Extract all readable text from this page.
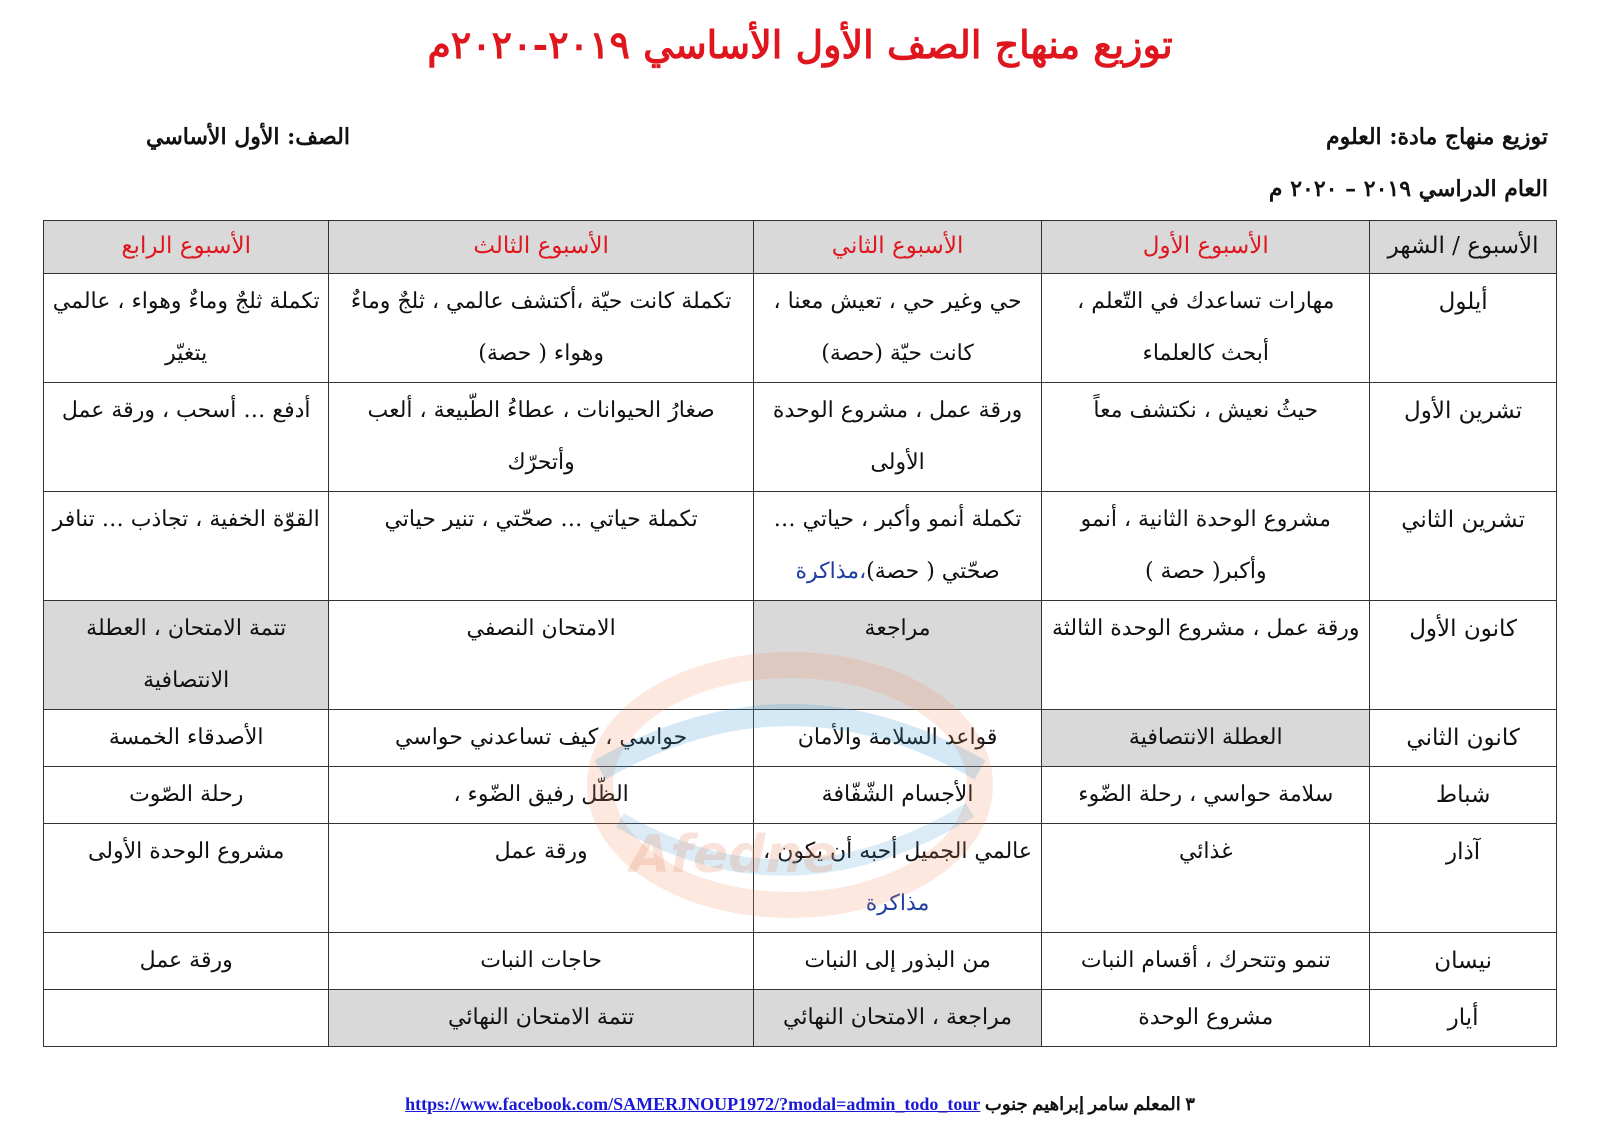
توزيع منهاج الصف الأول الأساسي ٢٠١٩-٢٠٢٠م
توزيع منهاج مادة: العلوم
الصف: الأول الأساسي
العام الدراسي ٢٠١٩ – ٢٠٢٠ م
الأسبوع / الشهر	الأسبوع الأول	الأسبوع الثاني	الأسبوع الثالث	الأسبوع الرابع
أيلول	مهارات تساعدك في التّعلم ، أبحث كالعلماء	حي وغير حي ، تعيش معنا ، كانت حيّة (حصة)	تكملة كانت حيّة ،أكتشف عالمي ، ثلجٌ وماءٌ وهواء ( حصة)	تكملة ثلجٌ وماءٌ وهواء ، عالمي يتغيّر
تشرين الأول	حيثُ نعيش ، نكتشف معاً	ورقة عمل ، مشروع الوحدة الأولى	صغارُ الحيوانات ، عطاءُ الطّبيعة ، ألعب وأتحرّك	أدفع … أسحب ، ورقة عمل
تشرين الثاني	مشروع الوحدة الثانية ، أنمو وأكبر( حصة )	تكملة أنمو وأكبر ، حياتي …صحّتي ( حصة)،مذاكرة	تكملة حياتي … صحّتي ، تنير حياتي	القوّة الخفية ، تجاذب … تنافر
كانون الأول	ورقة عمل ، مشروع الوحدة الثالثة	مراجعة	الامتحان النصفي	تتمة الامتحان ، العطلة الانتصافية
كانون الثاني	العطلة الانتصافية	قواعد السلامة والأمان	حواسي ، كيف تساعدني حواسي	الأصدقاء الخمسة
شباط	سلامة حواسي ، رحلة الضّوء	الأجسام الشّفّافة	الظّل رفيق الضّوء ،	رحلة الصّوت
آذار	غذائي	عالمي الجميل أحبه أن يكون ، مذاكرة	ورقة عمل	مشروع الوحدة الأولى
نيسان	تنمو وتتحرك ، أقسام النبات	من البذور إلى النبات	حاجات النبات	ورقة عمل
أيار	مشروع الوحدة	مراجعة ، الامتحان النهائي	تتمة الامتحان النهائي	
Afedne
٣ المعلم سامر إبراهيم جنوب https://www.facebook.com/SAMERJNOUP1972/?modal=admin_todo_tour
